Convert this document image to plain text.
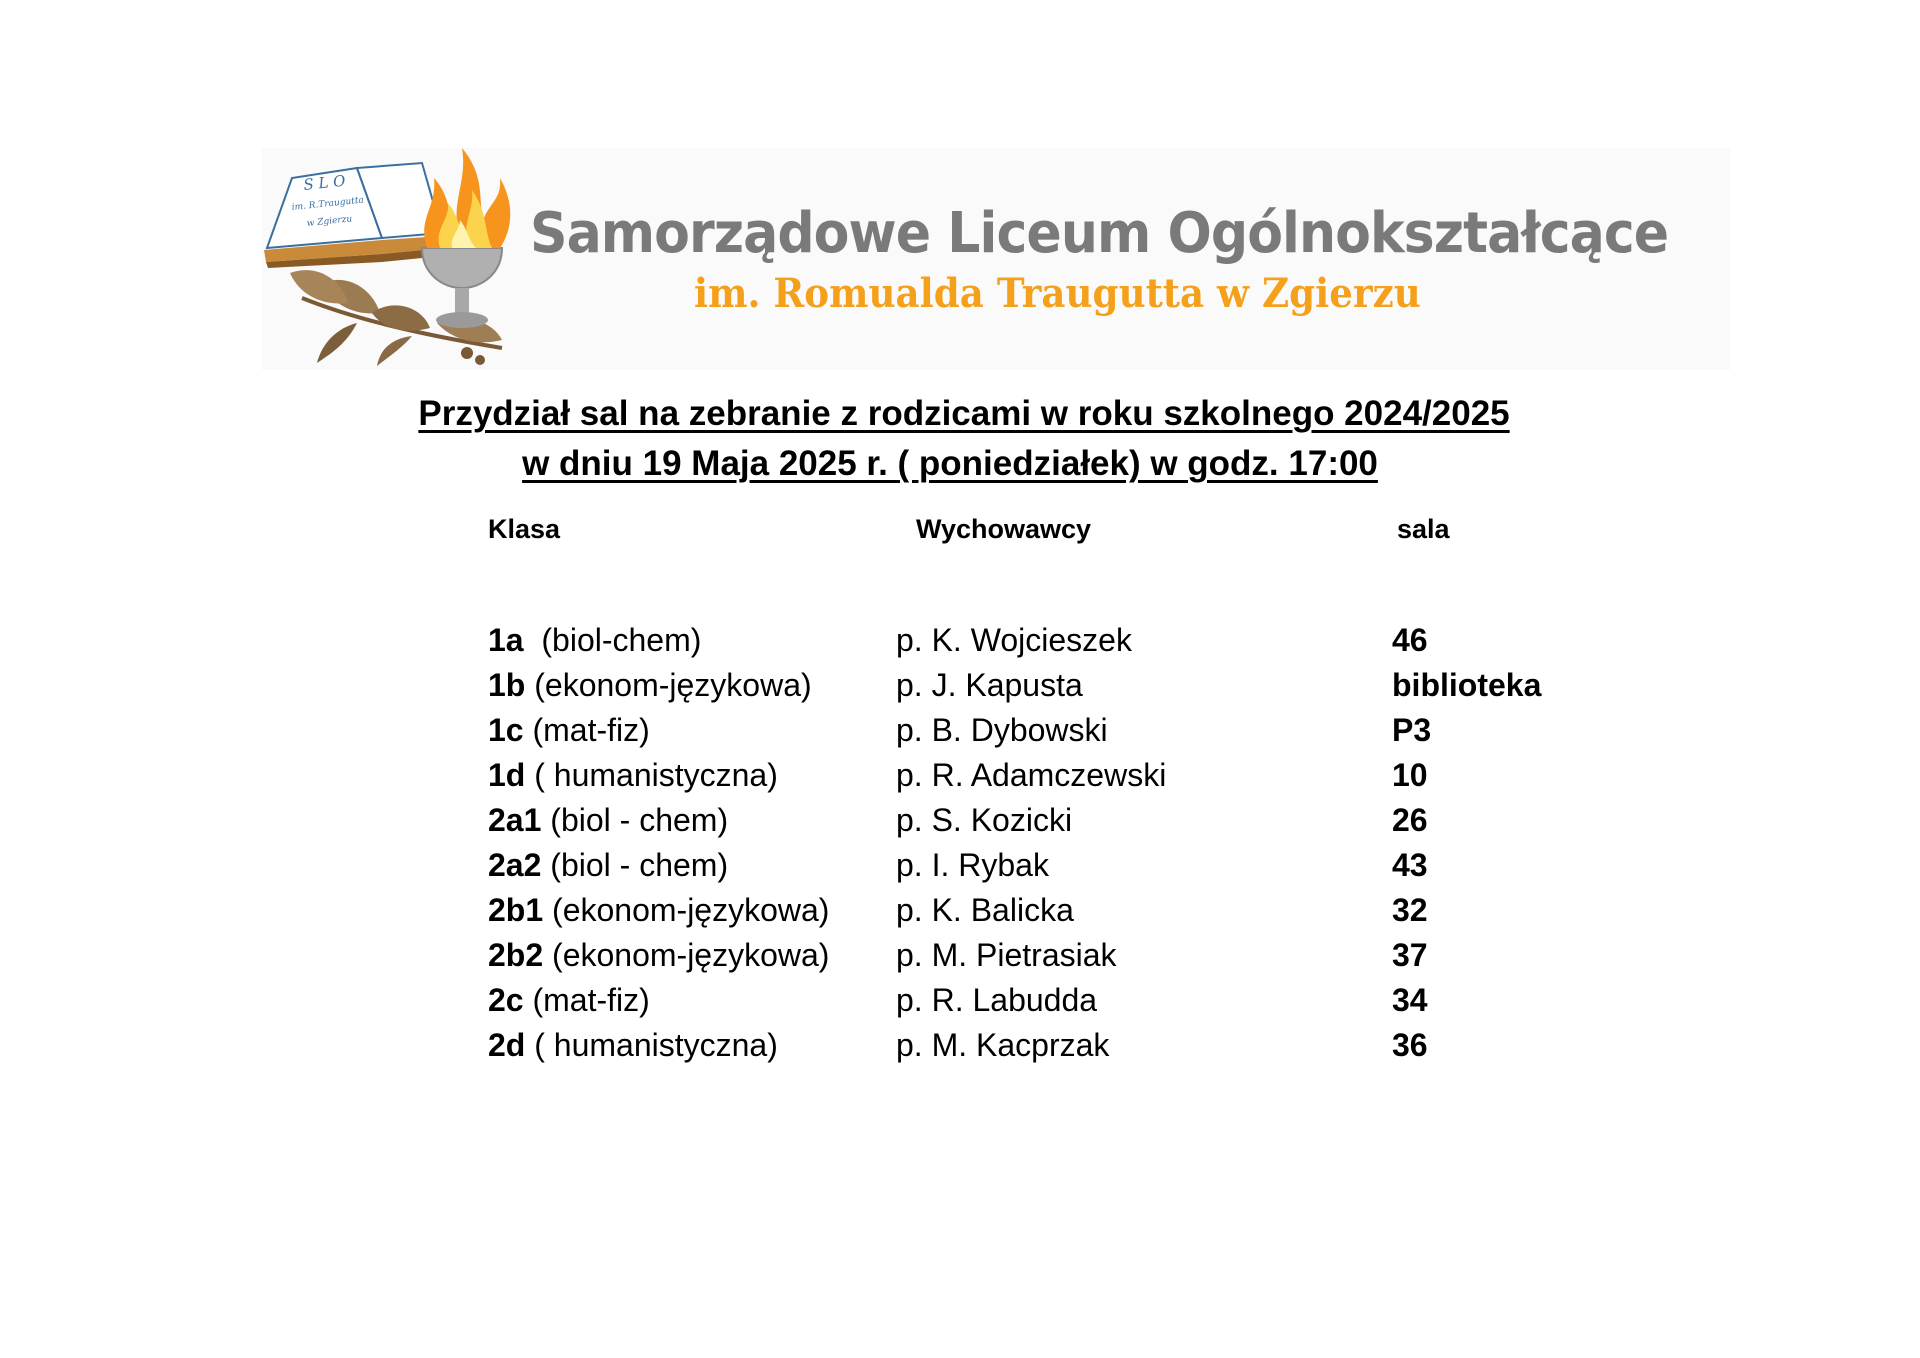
S L O
im. R.Traugutta
w Zgierzu	Samorządowe Liceum Ogólnokształcące
im. Romualda Traugutta w Zgierzu
Przydział sal na zebranie z rodzicami w roku szkolnego 2024/2025
w dniu 19 Maja 2025 r. ( poniedziałek) w godz. 17:00
Klasa	Wychowawcy	sala
1a  (biol-chem)	p. K. Wojcieszek	46
1b (ekonom-językowa)	p. J. Kapusta	biblioteka
1c (mat-fiz)	p. B. Dybowski	P3
1d ( humanistyczna)	p. R. Adamczewski	10
2a1 (biol - chem)	p. S. Kozicki	26
2a2 (biol - chem)	p. I. Rybak	43
2b1 (ekonom-językowa) p. K. Balicka	32
2b2 (ekonom-językowa) p. M. Pietrasiak	37
2c (mat-fiz)	p. R. Labudda	34
2d ( humanistyczna)	p. M. Kacprzak	36
